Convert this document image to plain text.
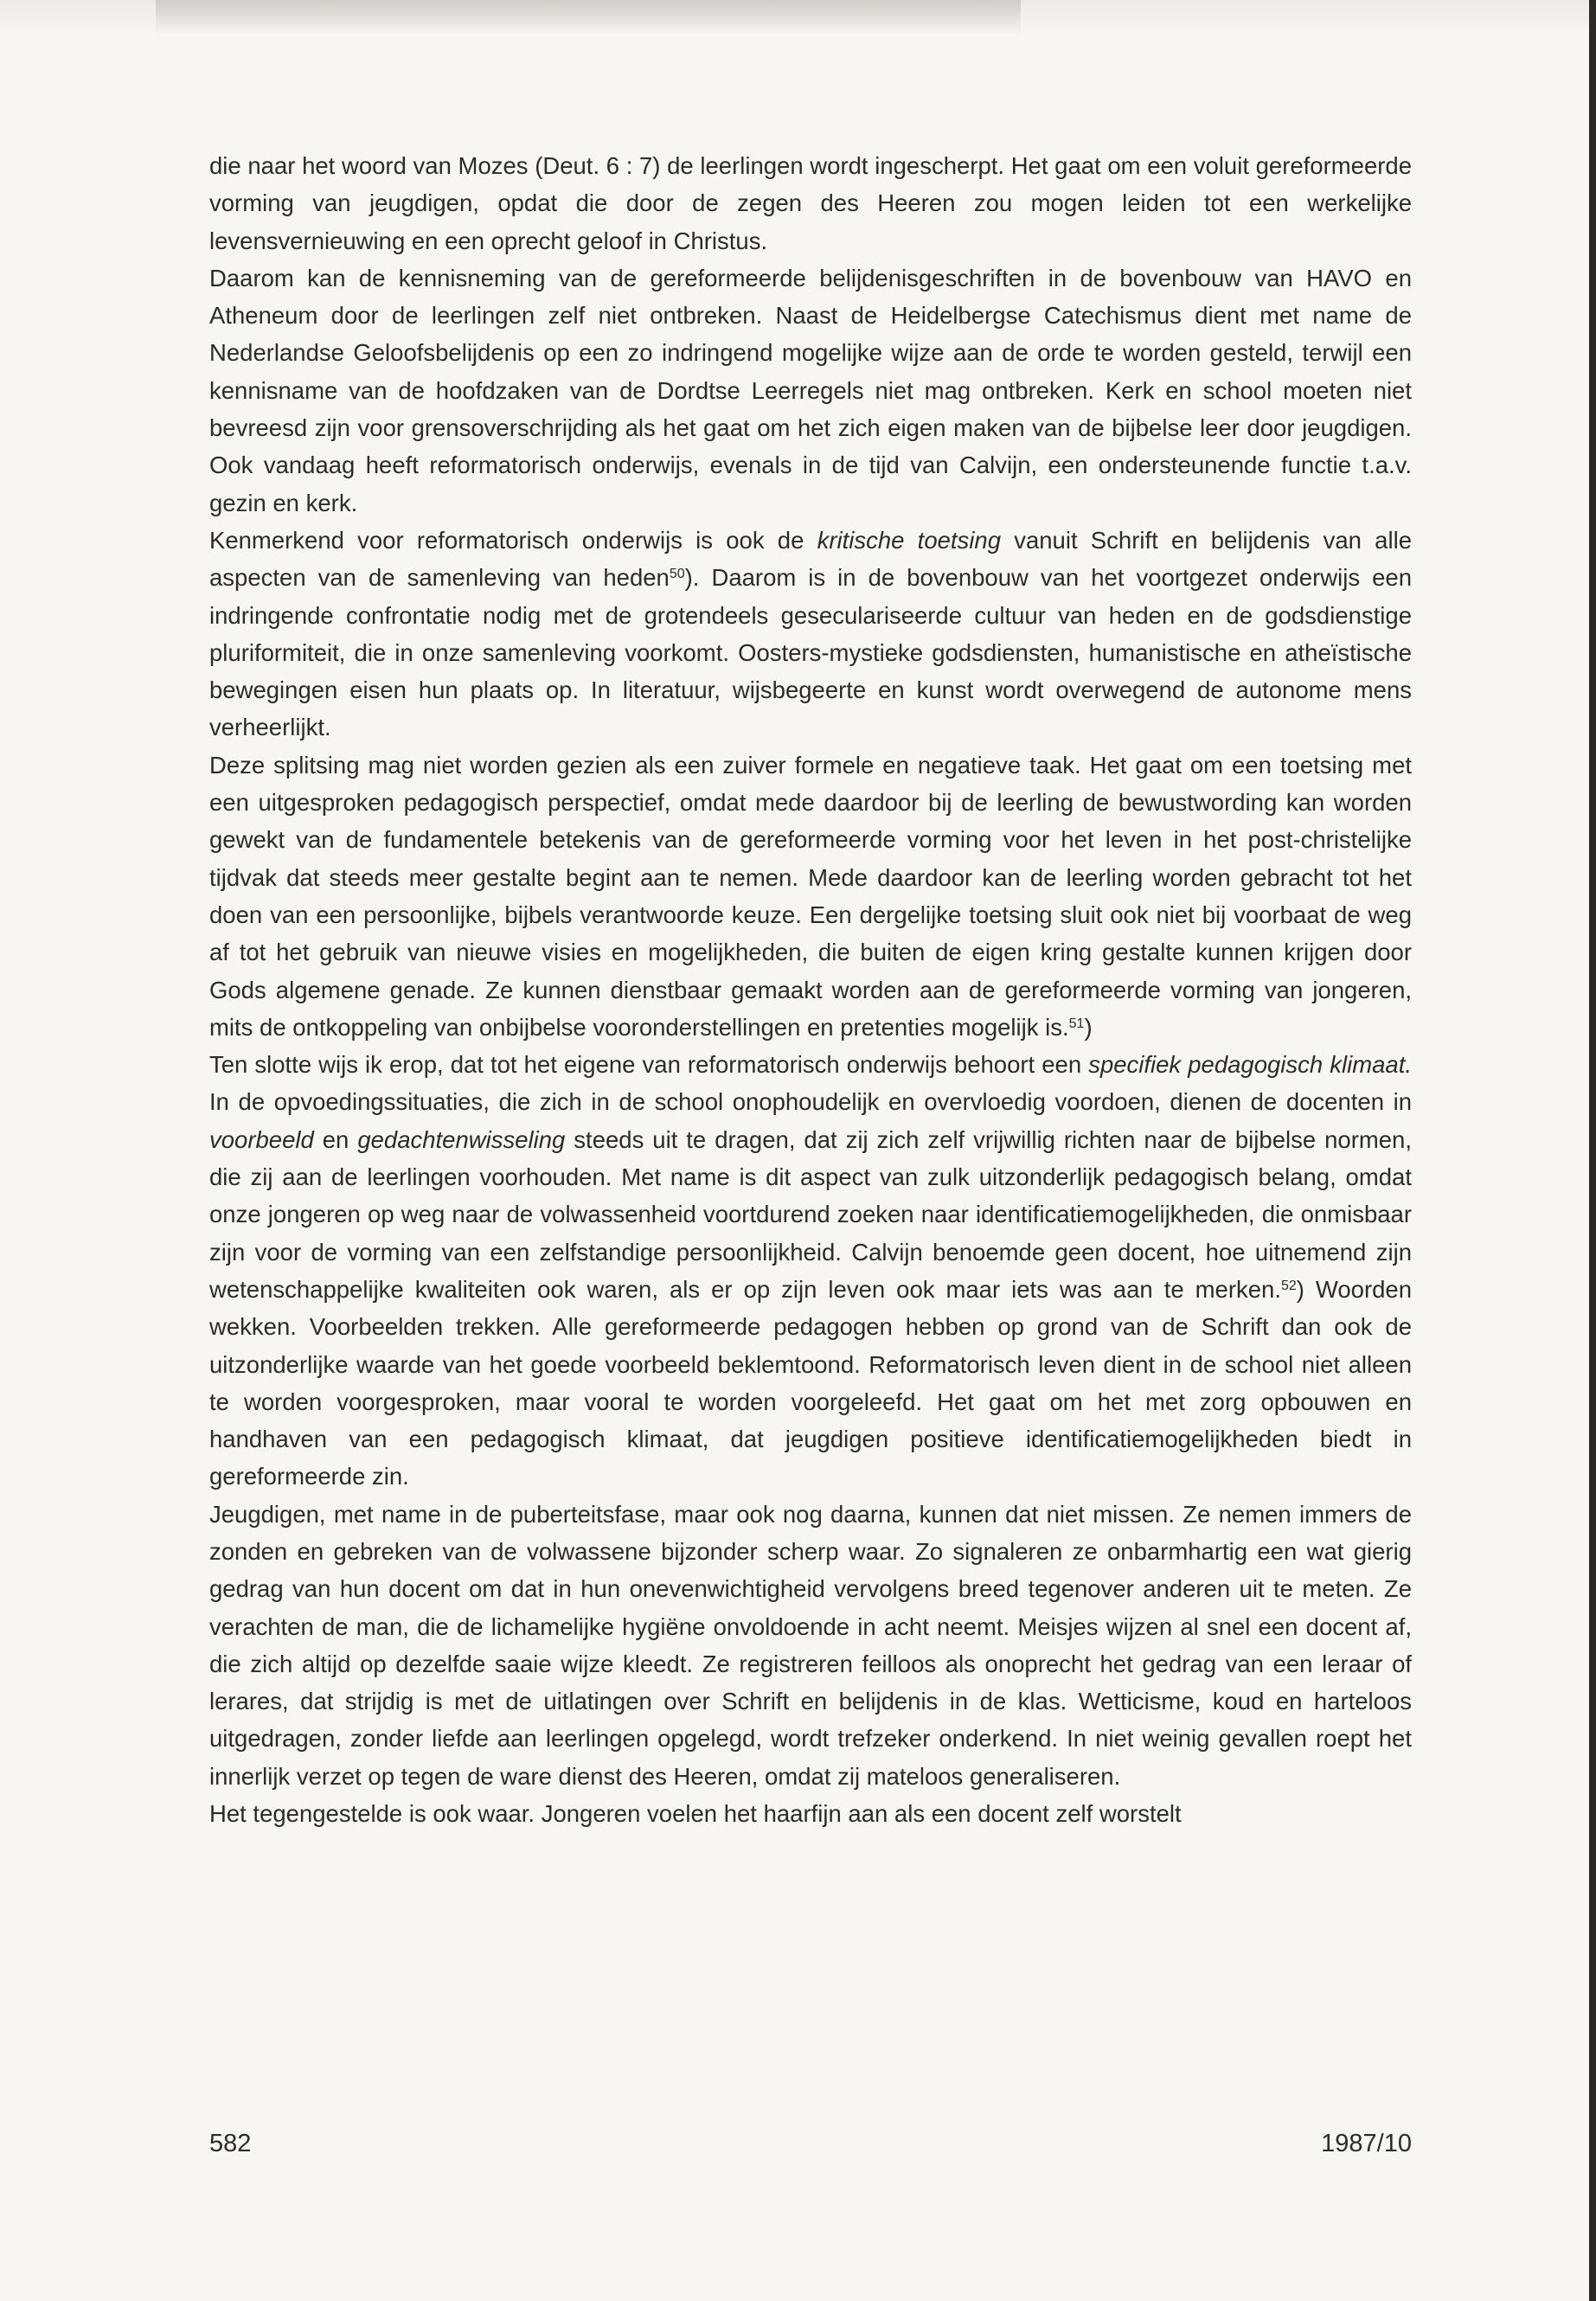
die naar het woord van Mozes (Deut. 6 : 7) de leerlingen wordt ingescherpt. Het gaat om een voluit gereformeerde vorming van jeugdigen, opdat die door de zegen des Heeren zou mogen leiden tot een werkelijke levensvernieuwing en een oprecht geloof in Christus.

Daarom kan de kennisneming van de gereformeerde belijdenisgeschriften in de bovenbouw van HAVO en Atheneum door de leerlingen zelf niet ontbreken. Naast de Heidelbergse Catechismus dient met name de Nederlandse Geloofsbelijdenis op een zo indringend mogelijke wijze aan de orde te worden gesteld, terwijl een kennisname van de hoofdzaken van de Dordtse Leerregels niet mag ontbreken. Kerk en school moeten niet bevreesd zijn voor grensoverschrijding als het gaat om het zich eigen maken van de bijbelse leer door jeugdigen. Ook vandaag heeft reformatorisch onderwijs, evenals in de tijd van Calvijn, een ondersteunende functie t.a.v. gezin en kerk.

Kenmerkend voor reformatorisch onderwijs is ook de kritische toetsing vanuit Schrift en belijdenis van alle aspecten van de samenleving van heden$^{50}$). Daarom is in de bovenbouw van het voortgezet onderwijs een indringende confrontatie nodig met de grotendeels geseculariseerde cultuur van heden en de godsdienstige pluriformiteit, die in onze samenleving voorkomt. Oosters-mystieke godsdiensten, humanistische en atheïstische bewegingen eisen hun plaats op. In literatuur, wijsbegeerte en kunst wordt overwegend de autonome mens verheerlijkt.

Deze splitsing mag niet worden gezien als een zuiver formele en negatieve taak. Het gaat om een toetsing met een uitgesproken pedagogisch perspectief, omdat mede daardoor bij de leerling de bewustwording kan worden gewekt van de fundamentele betekenis van de gereformeerde vorming voor het leven in het post-christelijke tijdvak dat steeds meer gestalte begint aan te nemen. Mede daardoor kan de leerling worden gebracht tot het doen van een persoonlijke, bijbels verantwoorde keuze. Een dergelijke toetsing sluit ook niet bij voorbaat de weg af tot het gebruik van nieuwe visies en mogelijkheden, die buiten de eigen kring gestalte kunnen krijgen door Gods algemene genade. Ze kunnen dienstbaar gemaakt worden aan de gereformeerde vorming van jongeren, mits de ontkoppeling van onbijbelse vooronderstellingen en pretenties mogelijk is.$^{51}$)

Ten slotte wijs ik erop, dat tot het eigene van reformatorisch onderwijs behoort een specifiek pedagogisch klimaat. In de opvoedingssituaties, die zich in de school onophoudelijk en overvloedig voordoen, dienen de docenten in voorbeeld en gedachtenwisseling steeds uit te dragen, dat zij zich zelf vrijwillig richten naar de bijbelse normen, die zij aan de leerlingen voorhouden. Met name is dit aspect van zulk uitzonderlijk pedagogisch belang, omdat onze jongeren op weg naar de volwassenheid voortdurend zoeken naar identificatiemogelijkheden, die onmisbaar zijn voor de vorming van een zelfstandige persoonlijkheid. Calvijn benoemde geen docent, hoe uitnemend zijn wetenschappelijke kwaliteiten ook waren, als er op zijn leven ook maar iets was aan te merken.$^{52}$) Woorden wekken. Voorbeelden trekken. Alle gereformeerde pedagogen hebben op grond van de Schrift dan ook de uitzonderlijke waarde van het goede voorbeeld beklemtoond. Reformatorisch leven dient in de school niet alleen te worden voorgesproken, maar vooral te worden voorgeleefd. Het gaat om het met zorg opbouwen en handhaven van een pedagogisch klimaat, dat jeugdigen positieve identificatiemogelijkheden biedt in gereformeerde zin.

Jeugdigen, met name in de puberteitsfase, maar ook nog daarna, kunnen dat niet missen. Ze nemen immers de zonden en gebreken van de volwassene bijzonder scherp waar. Zo signaleren ze onbarmhartig een wat gierig gedrag van hun docent om dat in hun onevenwichtigheid vervolgens breed tegenover anderen uit te meten. Ze verachten de man, die de lichamelijke hygiëne onvoldoende in acht neemt. Meisjes wijzen al snel een docent af, die zich altijd op dezelfde saaie wijze kleedt. Ze registreren feilloos als onoprecht het gedrag van een leraar of lerares, dat strijdig is met de uitlatingen over Schrift en belijdenis in de klas. Wetticisme, koud en harteloos uitgedragen, zonder liefde aan leerlingen opgelegd, wordt trefzeker onderkend. In niet weinig gevallen roept het innerlijk verzet op tegen de ware dienst des Heeren, omdat zij mateloos generaliseren.

Het tegengestelde is ook waar. Jongeren voelen het haarfijn aan als een docent zelf worstelt

582	1987/10
